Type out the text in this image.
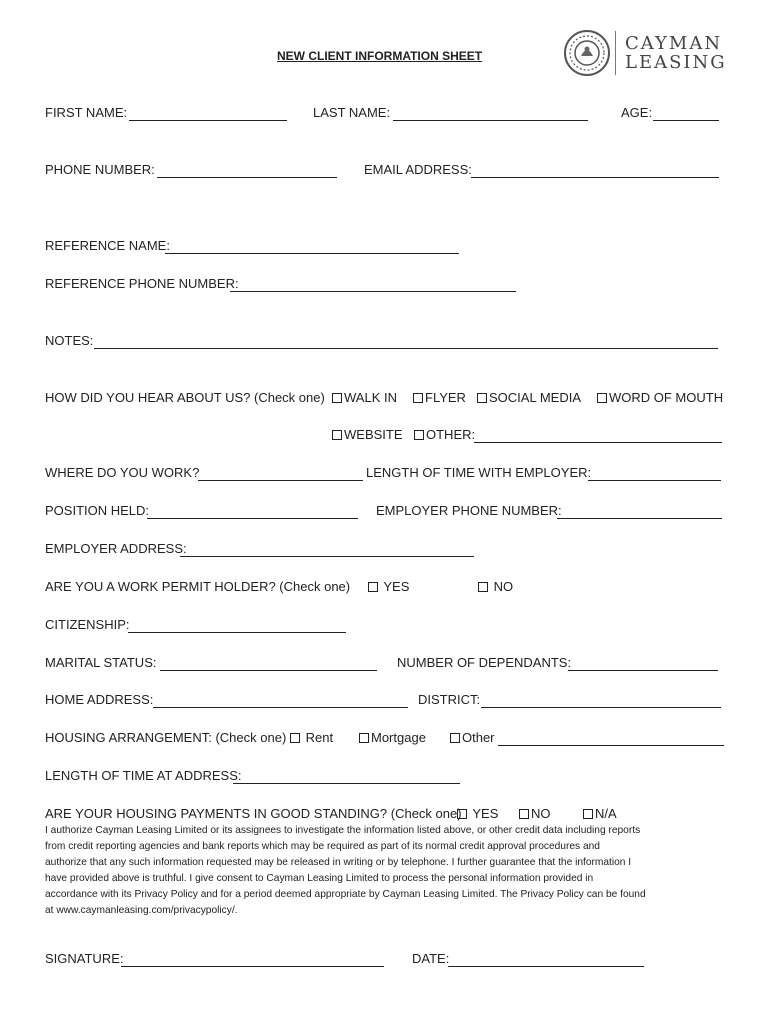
NEW CLIENT INFORMATION SHEET
CAYMAN
LEASING
FIRST NAME:	LAST NAME:	AGE:
PHONE NUMBER:	EMAIL ADDRESS:
REFERENCE NAME:
REFERENCE PHONE NUMBER:
NOTES:
HOW DID YOU HEAR ABOUT US? (Check one)	WALK IN	FLYER	SOCIAL MEDIA	WORD OF MOUTH
WEBSITE	OTHER:
WHERE DO YOU WORK?	LENGTH OF TIME WITH EMPLOYER:
POSITION HELD:	EMPLOYER PHONE NUMBER:
EMPLOYER ADDRESS:
ARE YOU A WORK PERMIT HOLDER? (Check one)	YES	NO
CITIZENSHIP:
MARITAL STATUS:	NUMBER OF DEPENDANTS:
HOME ADDRESS:	DISTRICT:
HOUSING ARRANGEMENT: (Check one)	Rent	Mortgage	Other
LENGTH OF TIME AT ADDRESS:
ARE YOUR HOUSING PAYMENTS IN GOOD STANDING? (Check one) YES	NO	N/A
I authorize Cayman Leasing Limited or its assignees to investigate the information listed above, or other credit data including reports
from credit reporting agencies and bank reports which may be required as part of its normal credit approval procedures and
authorize that any such information requested may be released in writing or by telephone. I further guarantee that the information I
have provided above is truthful. I give consent to Cayman Leasing Limited to process the personal information provided in
accordance with its Privacy Policy and for a period deemed appropriate by Cayman Leasing Limited. The Privacy Policy can be found
at www.caymanleasing.com/privacypolicy/.
SIGNATURE:	DATE:
